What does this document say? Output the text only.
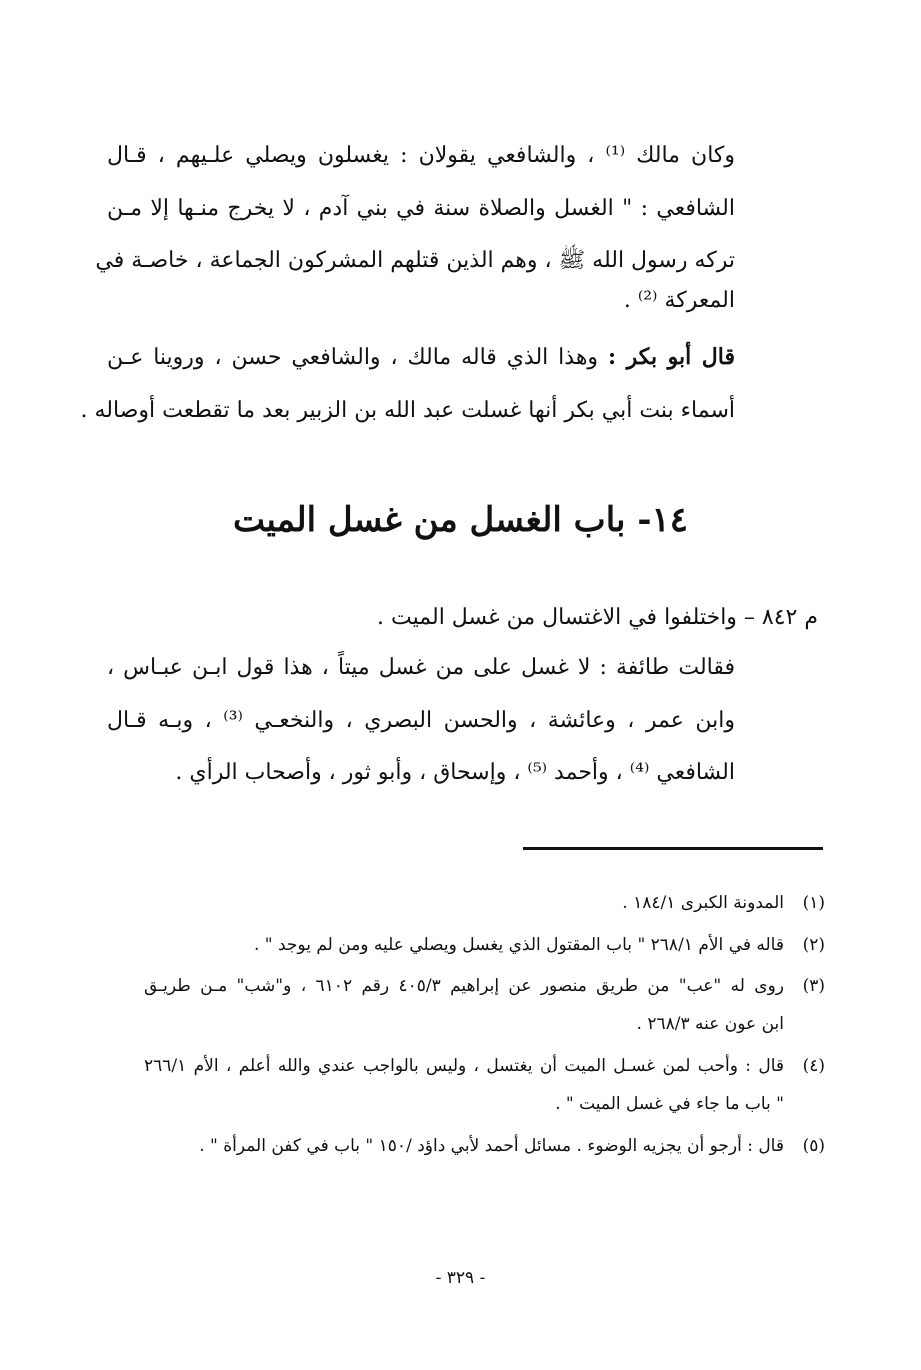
وكان مالك ⁽¹⁾ ، والشافعي يقولان : يغسلون ويصلي علـيهم ، قـال
الشافعي : " الغسل والصلاة سنة في بني آدم ، لا يخرج منـها إلا مـن
تركه رسول الله ﷺ ، وهم الذين قتلهم المشركون الجماعة ، خاصـة في
المعركة ⁽²⁾ .
قال أبو بكر : وهذا الذي قاله مالك ، والشافعي حسن ، وروينا عـن
أسماء بنت أبي بكر أنها غسلت عبد الله بن الزبير بعد ما تقطعت أوصاله .
١٤- باب الغسل من غسل الميت
م ٨٤٢ – واختلفوا في الاغتسال من غسل الميت .
فقالت طائفة : لا غسل على من غسل ميتاً ، هذا قول ابـن عبـاس ،
وابن عمر ، وعائشة ، والحسن البصري ، والنخعـي ⁽³⁾ ، وبـه قـال
الشافعي ⁽⁴⁾ ، وأحمد ⁽⁵⁾ ، وإسحاق ، وأبو ثور ، وأصحاب الرأي .
(١)
المدونة الكبرى ١٨٤/١ .
(٢)
قاله في الأم ٢٦٨/١ " باب المقتول الذي يغسل ويصلي عليه ومن لم يوجد " .
(٣)
روى له "عب" من طريق منصور عن إبراهيم ٤٠٥/٣ رقم ٦١٠٢ ، و"شب" مـن طريـق
ابن عون عنه ٢٦٨/٣ .
(٤)
قال : وأحب لمن غسـل الميت أن يغتسل ، وليس بالواجب عندي والله أعلم ، الأم ٢٦٦/١
" باب ما جاء في غسل الميت " .
(٥)
قال : أرجو أن يجزيه الوضوء . مسائل أحمد لأبي داؤد /١٥٠ " باب في كفن المرأة " .
- ٣٢٩ -
